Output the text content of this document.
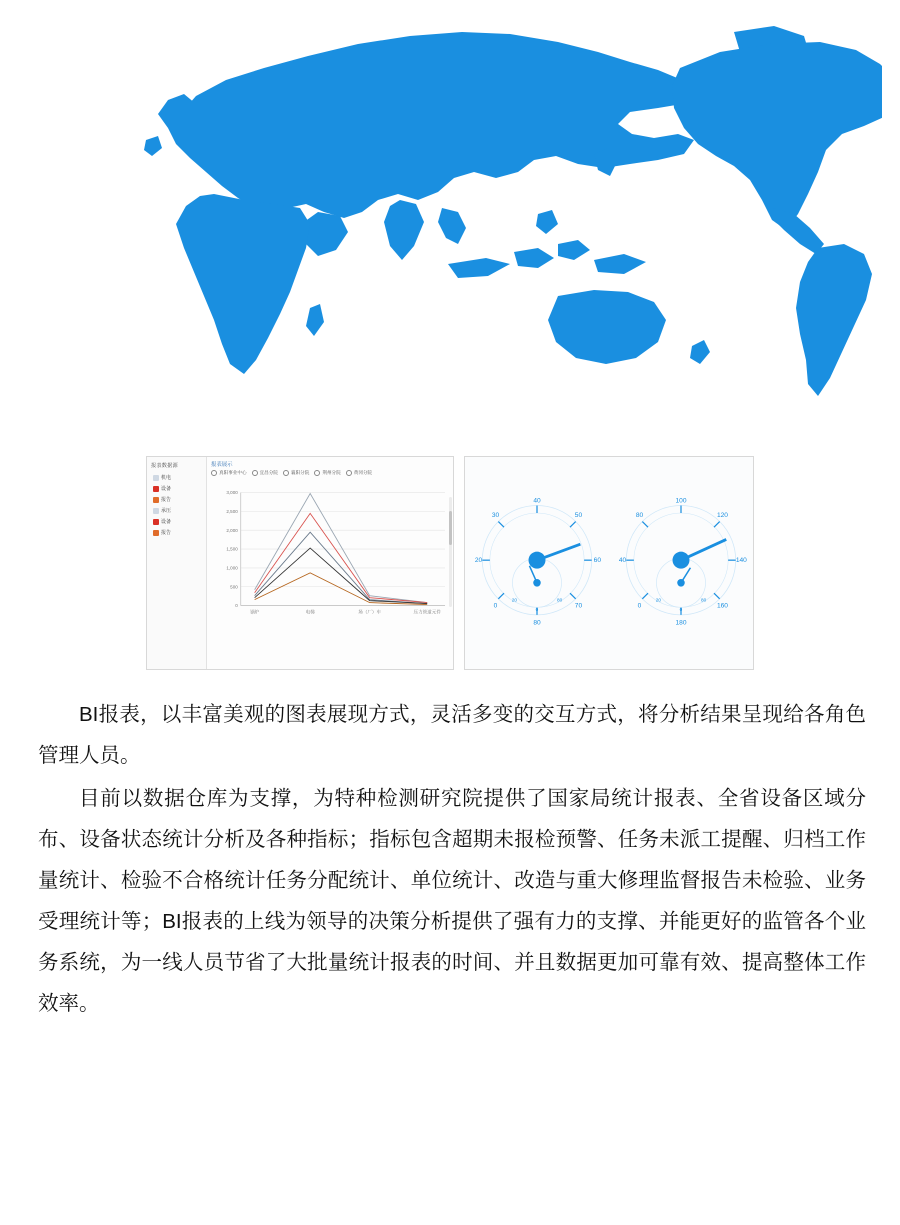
报表数据源
机电
设备
报告
承压
设备
报告
报表展示
真阳事业中心	宜昌分院	襄阳分院	荆州分院	黄冈分院
3,000
2,500
2,000
1,500
1,000
500
0
锅炉	电梯	场（厂）车	压力管道元件
40
50
60
70
80
0
20
30
0
20	80
100
120
140
160
180
0
40
80
0
20	80

BI报表，以丰富美观的图表展现方式，灵活多变的交互方式，将分析结果呈现给各角色管理人员。

目前以数据仓库为支撑，为特种检测研究院提供了国家局统计报表、全省设备区域分布、设备状态统计分析及各种指标；指标包含超期未报检预警、任务未派工提醒、归档工作量统计、检验不合格统计任务分配统计、单位统计、改造与重大修理监督报告未检验、业务受理统计等；BI报表的上线为领导的决策分析提供了强有力的支撑、并能更好的监管各个业务系统，为一线人员节省了大批量统计报表的时间、并且数据更加可靠有效、提高整体工作效率。
